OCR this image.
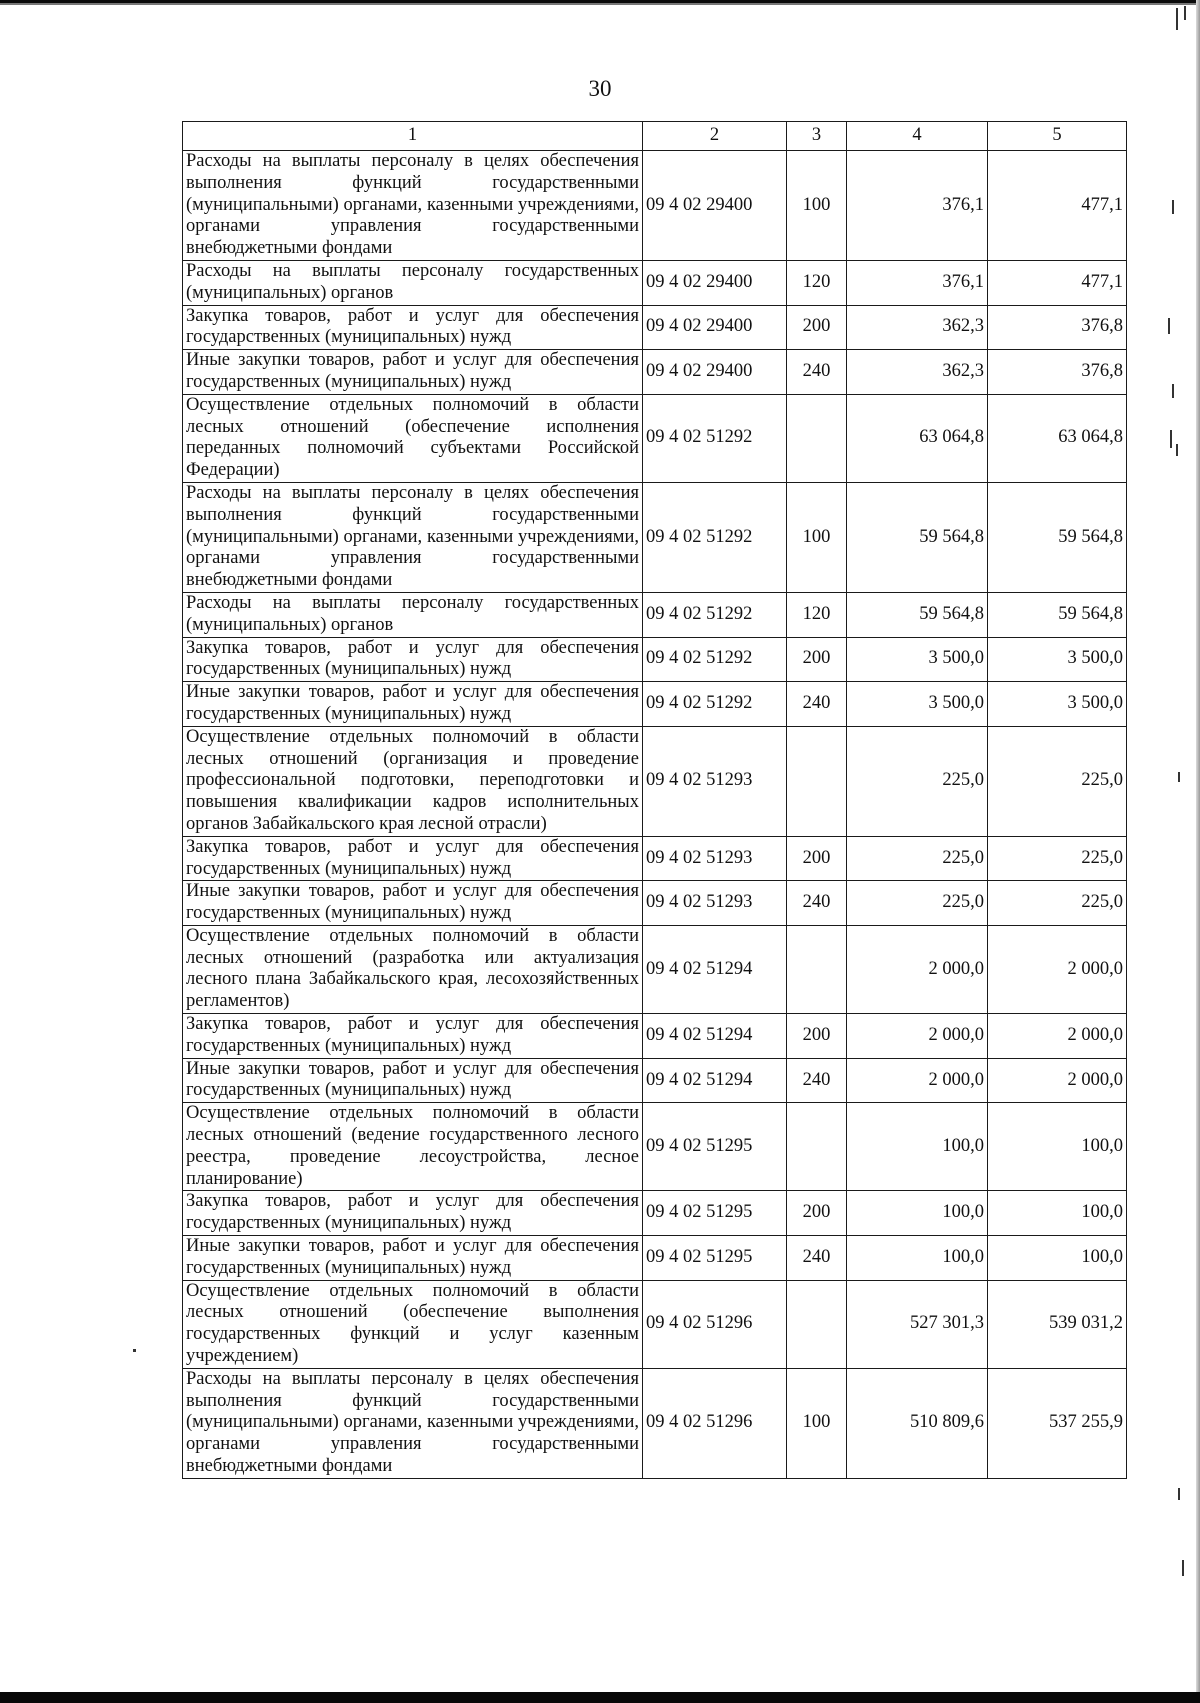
30
1	2	3	4	5
Расходы на выплаты персоналу в целях обеспечения выполнения функций государственными (муниципальными) органами, казенными учреждениями, органами управления государственными внебюджетными фондами	09 4 02 29400	100	376,1	477,1
Расходы на выплаты персоналу государственных (муниципальных) органов	09 4 02 29400	120	376,1	477,1
Закупка товаров, работ и услуг для обеспечения государственных (муниципальных) нужд	09 4 02 29400	200	362,3	376,8
Иные закупки товаров, работ и услуг для обеспечения государственных (муниципальных) нужд	09 4 02 29400	240	362,3	376,8
Осуществление отдельных полномочий в области лесных отношений (обеспечение исполнения переданных полномочий субъектами Российской Федерации)	09 4 02 51292		63 064,8	63 064,8
Расходы на выплаты персоналу в целях обеспечения выполнения функций государственными (муниципальными) органами, казенными учреждениями, органами управления государственными внебюджетными фондами	09 4 02 51292	100	59 564,8	59 564,8
Расходы на выплаты персоналу государственных (муниципальных) органов	09 4 02 51292	120	59 564,8	59 564,8
Закупка товаров, работ и услуг для обеспечения государственных (муниципальных) нужд	09 4 02 51292	200	3 500,0	3 500,0
Иные закупки товаров, работ и услуг для обеспечения государственных (муниципальных) нужд	09 4 02 51292	240	3 500,0	3 500,0
Осуществление отдельных полномочий в области лесных отношений (организация и проведение профессиональной подготовки, переподготовки и повышения квалификации кадров исполнительных органов Забайкальского края лесной отрасли)	09 4 02 51293		225,0	225,0
Закупка товаров, работ и услуг для обеспечения государственных (муниципальных) нужд	09 4 02 51293	200	225,0	225,0
Иные закупки товаров, работ и услуг для обеспечения государственных (муниципальных) нужд	09 4 02 51293	240	225,0	225,0
Осуществление отдельных полномочий в области лесных отношений (разработка или актуализация лесного плана Забайкальского края, лесохозяйственных регламентов)	09 4 02 51294		2 000,0	2 000,0
Закупка товаров, работ и услуг для обеспечения государственных (муниципальных) нужд	09 4 02 51294	200	2 000,0	2 000,0
Иные закупки товаров, работ и услуг для обеспечения государственных (муниципальных) нужд	09 4 02 51294	240	2 000,0	2 000,0
Осуществление отдельных полномочий в области лесных отношений (ведение государственного лесного реестра, проведение лесоустройства, лесное планирование)	09 4 02 51295		100,0	100,0
Закупка товаров, работ и услуг для обеспечения государственных (муниципальных) нужд	09 4 02 51295	200	100,0	100,0
Иные закупки товаров, работ и услуг для обеспечения государственных (муниципальных) нужд	09 4 02 51295	240	100,0	100,0
Осуществление отдельных полномочий в области лесных отношений (обеспечение выполнения государственных функций и услуг казенным учреждением)	09 4 02 51296		527 301,3	539 031,2
Расходы на выплаты персоналу в целях обеспечения выполнения функций государственными (муниципальными) органами, казенными учреждениями, органами управления государственными внебюджетными фондами	09 4 02 51296	100	510 809,6	537 255,9
